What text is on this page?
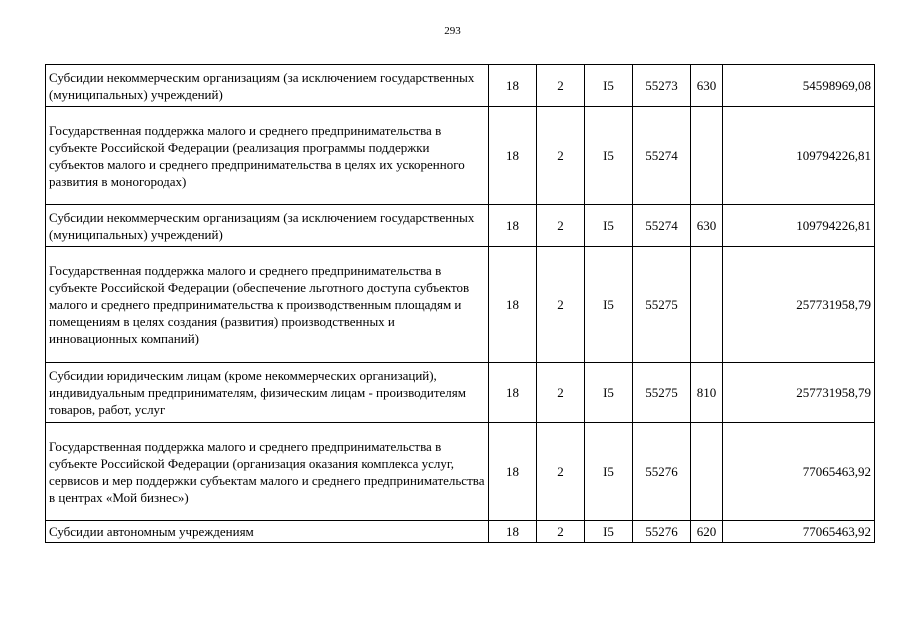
293
Субсидии некоммерческим организациям (за исключением государственных (муниципальных) учреждений)	18	2	I5	55273	630	54598969,08
Государственная поддержка малого и среднего предпринимательства в субъекте Российской Федерации (реализация программы поддержки субъектов малого и среднего предпринимательства в целях их ускоренного развития в моногородах)	18	2	I5	55274		109794226,81
Субсидии некоммерческим организациям (за исключением государственных (муниципальных) учреждений)	18	2	I5	55274	630	109794226,81
Государственная поддержка малого и среднего предпринимательства в субъекте Российской Федерации (обеспечение льготного доступа субъектов малого и среднего предпринимательства к производственным площадям и помещениям в целях создания (развития) производственных и инновационных компаний)	18	2	I5	55275		257731958,79
Субсидии юридическим лицам (кроме некоммерческих организаций), индивидуальным предпринимателям, физическим лицам - производителям товаров, работ, услуг	18	2	I5	55275	810	257731958,79
Государственная поддержка малого и среднего предпринимательства в субъекте Российской Федерации (организация оказания комплекса услуг, сервисов и мер поддержки субъектам малого и среднего предпринимательства в центрах «Мой бизнес»)	18	2	I5	55276		77065463,92
Субсидии автономным учреждениям	18	2	I5	55276	620	77065463,92
